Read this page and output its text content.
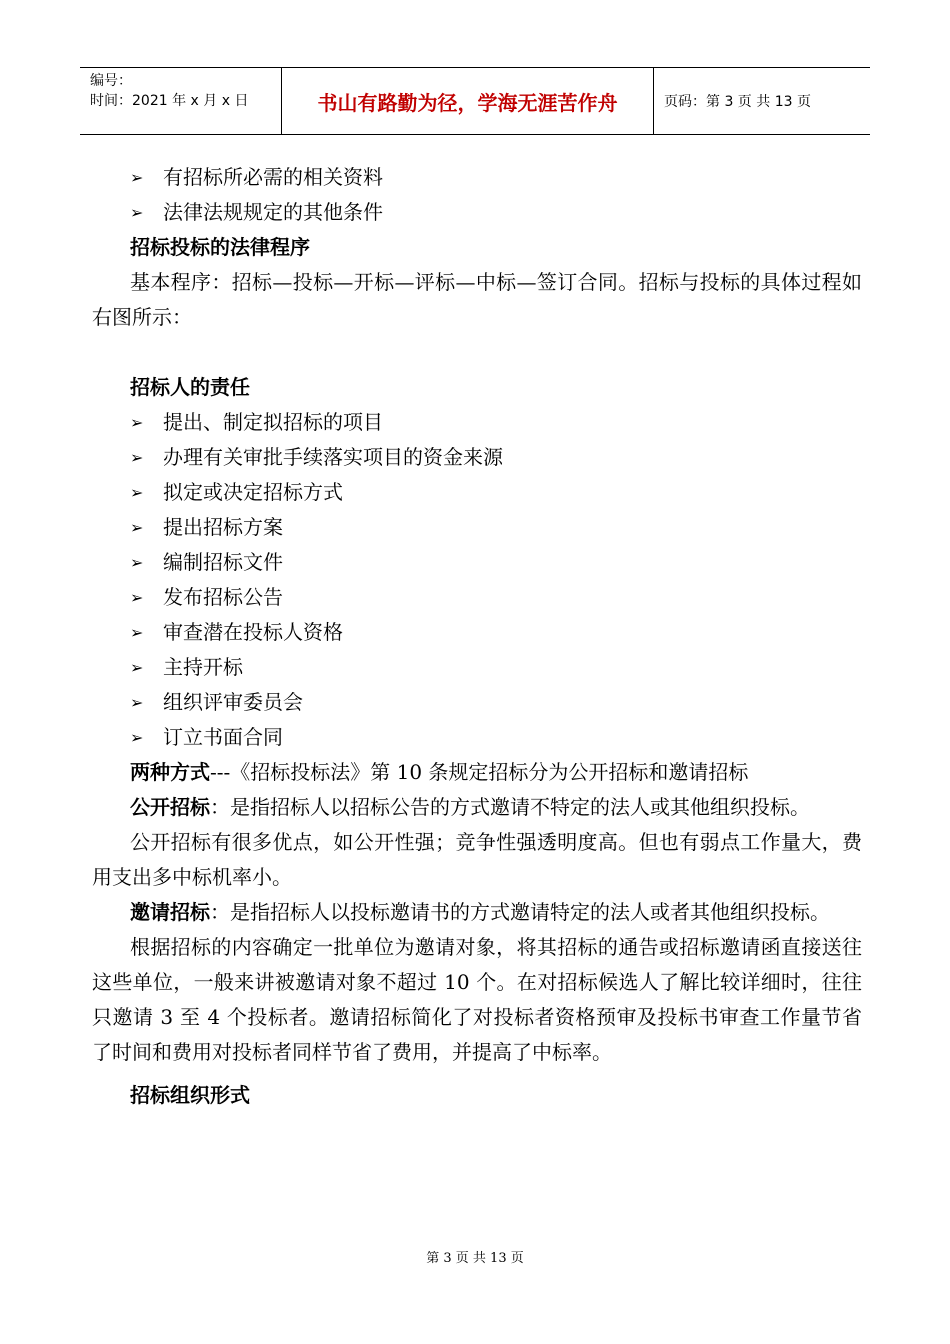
编号：
时间：2021 年 x 月 x 日	书山有路勤为径，学海无涯苦作舟	页码：第 3 页 共 13 页
➢ 有招标所必需的相关资料
➢ 法律法规规定的其他条件
招标投标的法律程序

基本程序：招标—投标—开标—评标—中标—签订合同。招标与投标的具体过程如右图所示：

招标人的责任
➢ 提出、制定拟招标的项目
➢ 办理有关审批手续落实项目的资金来源
➢ 拟定或决定招标方式
➢ 提出招标方案
➢ 编制招标文件
➢ 发布招标公告
➢ 审查潜在投标人资格
➢ 主持开标
➢ 组织评审委员会
➢ 订立书面合同

两种方式---《招标投标法》第 10 条规定招标分为公开招标和邀请招标

公开招标：是指招标人以招标公告的方式邀请不特定的法人或其他组织投标。

公开招标有很多优点，如公开性强；竞争性强透明度高。但也有弱点工作量大，费用支出多中标机率小。

邀请招标：是指招标人以投标邀请书的方式邀请特定的法人或者其他组织投标。

根据招标的内容确定一批单位为邀请对象，将其招标的通告或招标邀请函直接送往这些单位，一般来讲被邀请对象不超过 10 个。在对招标候选人了解比较详细时，往往只邀请 3 至 4 个投标者。邀请招标简化了对投标者资格预审及投标书审查工作量节省了时间和费用对投标者同样节省了费用，并提高了中标率。

招标组织形式
第 3 页 共 13 页
